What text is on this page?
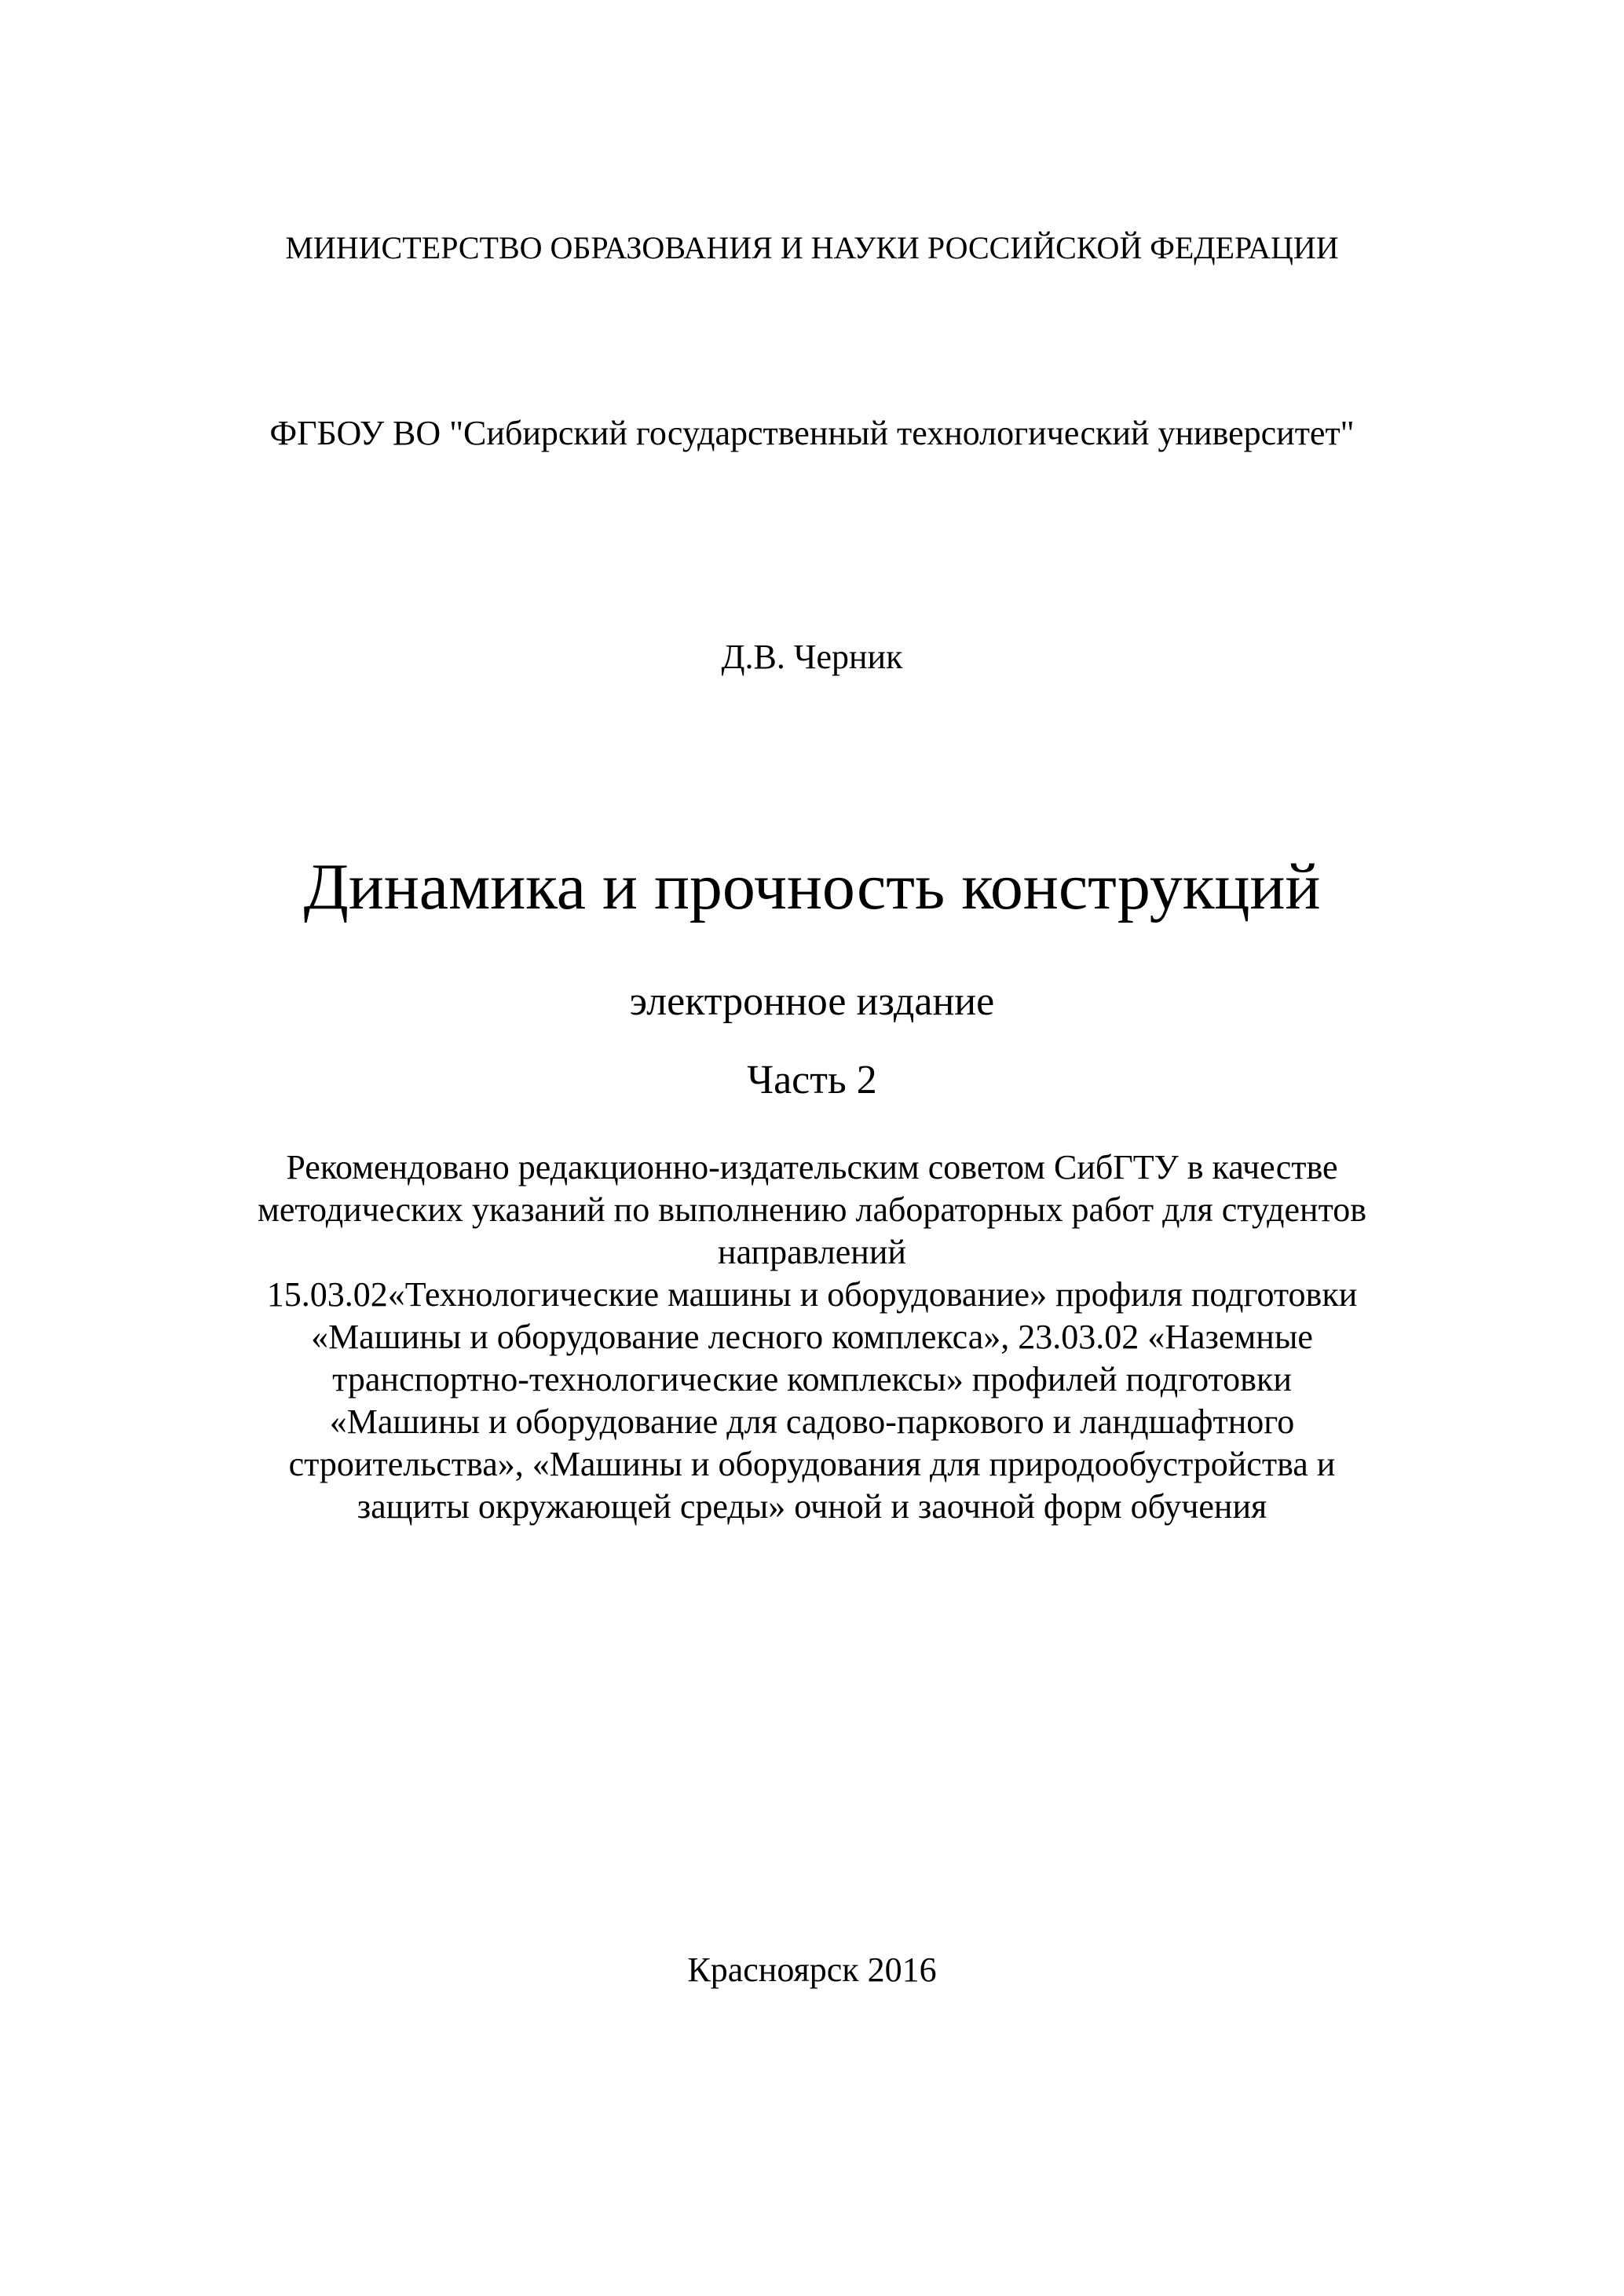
МИНИСТЕРСТВО ОБРАЗОВАНИЯ И НАУКИ РОССИЙСКОЙ ФЕДЕРАЦИИ
ФГБОУ ВО "Сибирский государственный технологический университет"
Д.В. Черник
Динамика и прочность конструкций
электронное издание
Часть 2
Рекомендовано редакционно-издательским советом СибГТУ в качестве
методических указаний по выполнению лабораторных работ для студентов
направлений
15.03.02«Технологические машины и оборудование» профиля подготовки
«Машины и оборудование лесного комплекса», 23.03.02 «Наземные
транспортно-технологические комплексы» профилей подготовки
«Машины и оборудование для садово-паркового и ландшафтного
строительства», «Машины и оборудования для природообустройства и
защиты окружающей среды» очной и заочной форм обучения
Красноярск 2016
